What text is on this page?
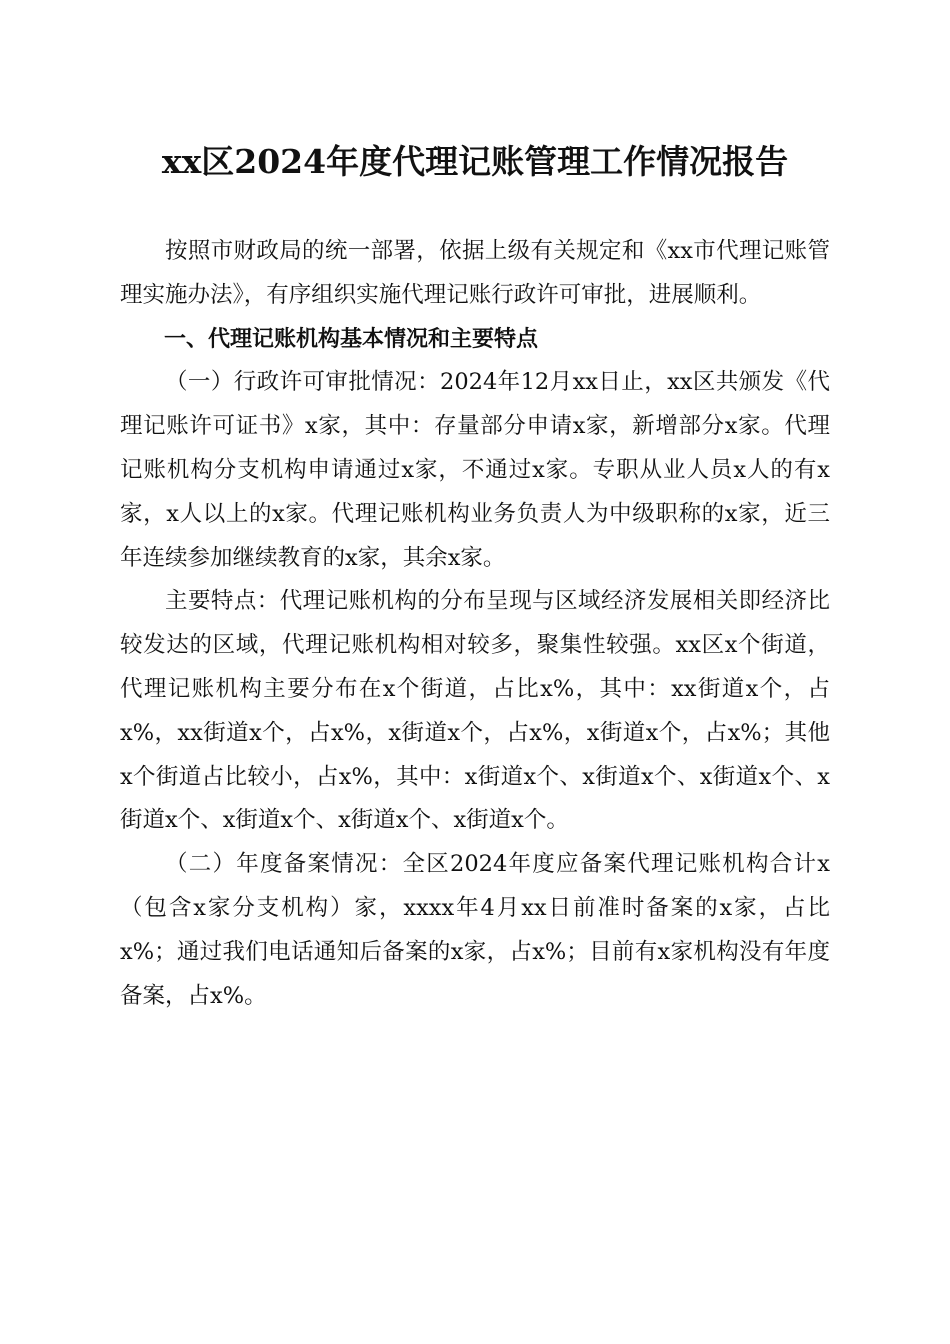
xx区2024年度代理记账管理工作情况报告

按照市财政局的统一部署，依据上级有关规定和《xx市代理记账管理实施办法》，有序组织实施代理记账行政许可审批，进展顺利。

一、代理记账机构基本情况和主要特点

（一）行政许可审批情况：2024年12月xx日止，xx区共颁发《代理记账许可证书》x家，其中：存量部分申请x家，新增部分x家。代理记账机构分支机构申请通过x家，不通过x家。专职从业人员x人的有x家，x人以上的x家。代理记账机构业务负责人为中级职称的x家，近三年连续参加继续教育的x家，其余x家。

主要特点：代理记账机构的分布呈现与区域经济发展相关即经济比较发达的区域，代理记账机构相对较多，聚集性较强。xx区x个街道，代理记账机构主要分布在x个街道，占比x%，其中：xx街道x个，占x%，xx街道x个，占x%，x街道x个，占x%，x街道x个，占x%；其他x个街道占比较小，占x%，其中：x街道x个、x街道x个、x街道x个、x街道x个、x街道x个、x街道x个、x街道x个。

（二）年度备案情况：全区2024年度应备案代理记账机构合计x（包含x家分支机构）家，xxxx年4月xx日前准时备案的x家，占比x%；通过我们电话通知后备案的x家，占x%；目前有x家机构没有年度备案，占x%。
